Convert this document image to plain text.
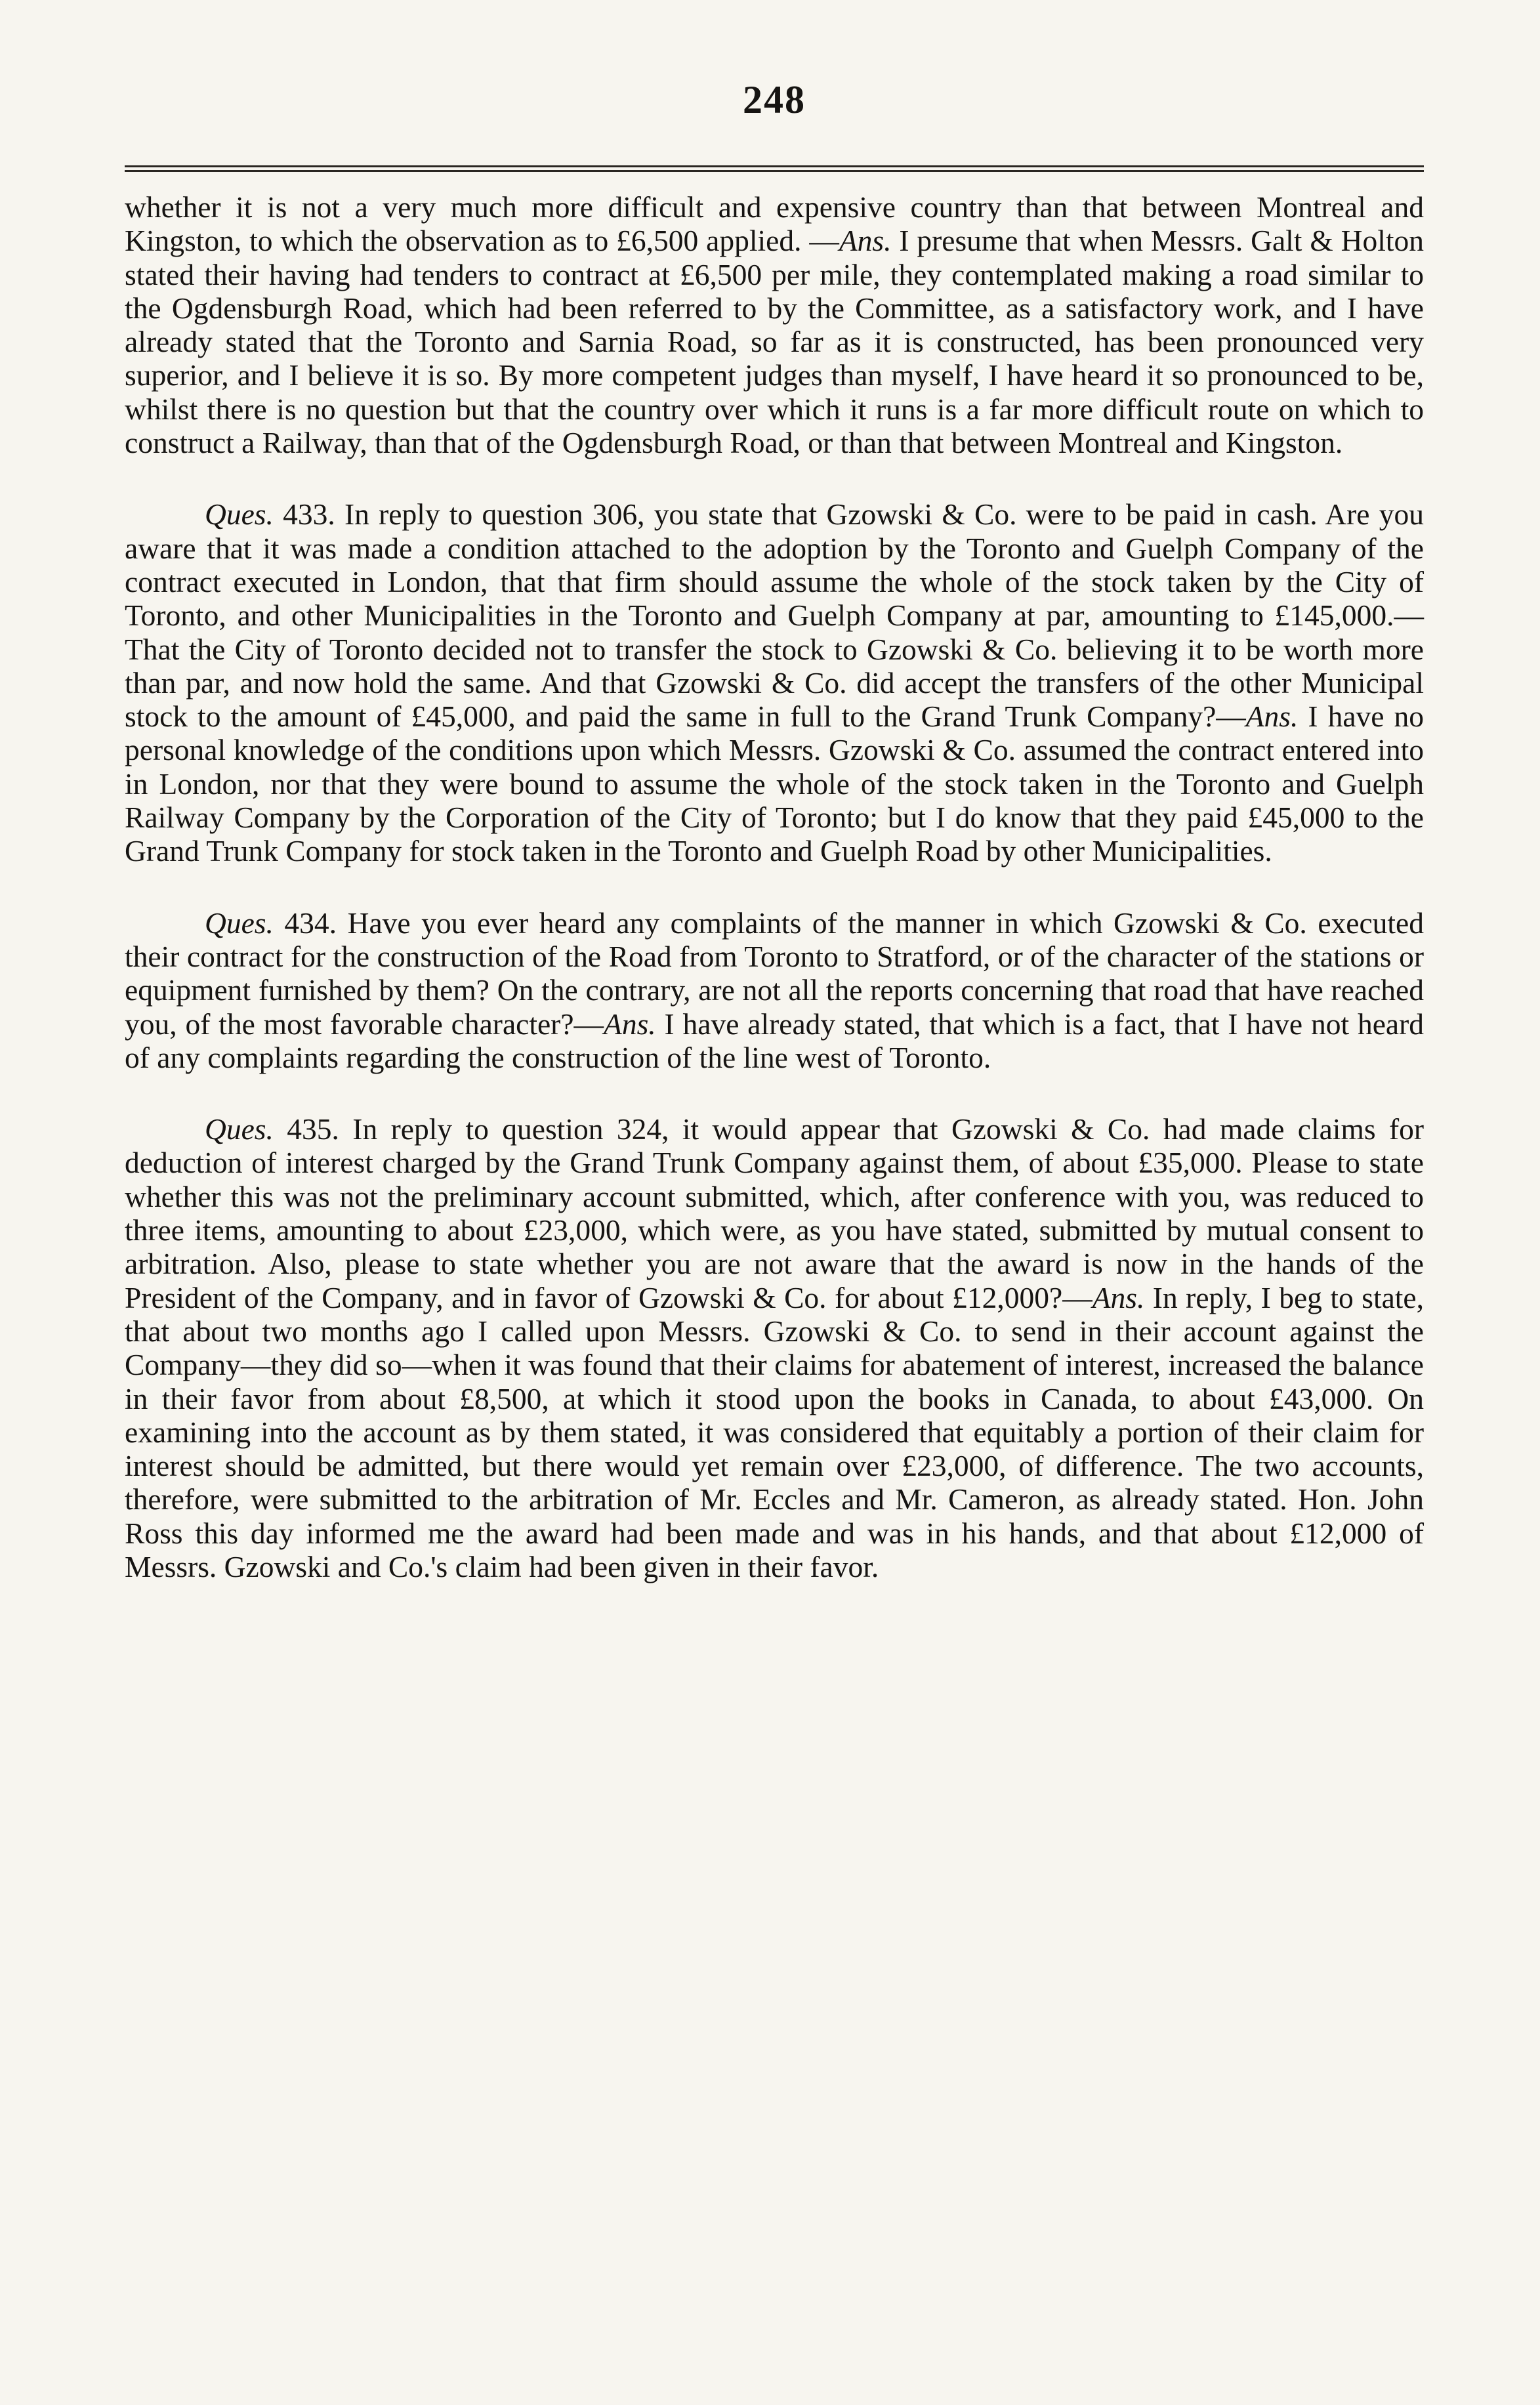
248

whether it is not a very much more difficult and expensive country than that between Montreal and Kingston, to which the observation as to £6,500 applied. —Ans. I presume that when Messrs. Galt & Holton stated their having had tenders to contract at £6,500 per mile, they contemplated making a road similar to the Ogdensburgh Road, which had been referred to by the Committee, as a satisfactory work, and I have already stated that the Toronto and Sarnia Road, so far as it is constructed, has been pronounced very superior, and I believe it is so. By more competent judges than myself, I have heard it so pronounced to be, whilst there is no question but that the country over which it runs is a far more difficult route on which to construct a Railway, than that of the Ogdensburgh Road, or than that between Montreal and Kingston.

Ques. 433. In reply to question 306, you state that Gzowski & Co. were to be paid in cash. Are you aware that it was made a condition attached to the adoption by the Toronto and Guelph Company of the contract executed in London, that that firm should assume the whole of the stock taken by the City of Toronto, and other Municipalities in the Toronto and Guelph Company at par, amounting to £145,000.—That the City of Toronto decided not to transfer the stock to Gzowski & Co. believing it to be worth more than par, and now hold the same. And that Gzowski & Co. did accept the transfers of the other Municipal stock to the amount of £45,000, and paid the same in full to the Grand Trunk Company?—Ans. I have no personal knowledge of the conditions upon which Messrs. Gzowski & Co. assumed the contract entered into in London, nor that they were bound to assume the whole of the stock taken in the Toronto and Guelph Railway Company by the Corporation of the City of Toronto; but I do know that they paid £45,000 to the Grand Trunk Company for stock taken in the Toronto and Guelph Road by other Municipalities.

Ques. 434. Have you ever heard any complaints of the manner in which Gzowski & Co. executed their contract for the construction of the Road from Toronto to Stratford, or of the character of the stations or equipment furnished by them? On the contrary, are not all the reports concerning that road that have reached you, of the most favorable character?—Ans. I have already stated, that which is a fact, that I have not heard of any complaints regarding the construction of the line west of Toronto.

Ques. 435. In reply to question 324, it would appear that Gzowski & Co. had made claims for deduction of interest charged by the Grand Trunk Company against them, of about £35,000. Please to state whether this was not the preliminary account submitted, which, after conference with you, was reduced to three items, amounting to about £23,000, which were, as you have stated, submitted by mutual consent to arbitration. Also, please to state whether you are not aware that the award is now in the hands of the President of the Company, and in favor of Gzowski & Co. for about £12,000?—Ans. In reply, I beg to state, that about two months ago I called upon Messrs. Gzowski & Co. to send in their account against the Company—they did so—when it was found that their claims for abatement of interest, increased the balance in their favor from about £8,500, at which it stood upon the books in Canada, to about £43,000. On examining into the account as by them stated, it was considered that equitably a portion of their claim for interest should be admitted, but there would yet remain over £23,000, of difference. The two accounts, therefore, were submitted to the arbitration of Mr. Eccles and Mr. Cameron, as already stated. Hon. John Ross this day informed me the award had been made and was in his hands, and that about £12,000 of Messrs. Gzowski and Co.'s claim had been given in their favor.
